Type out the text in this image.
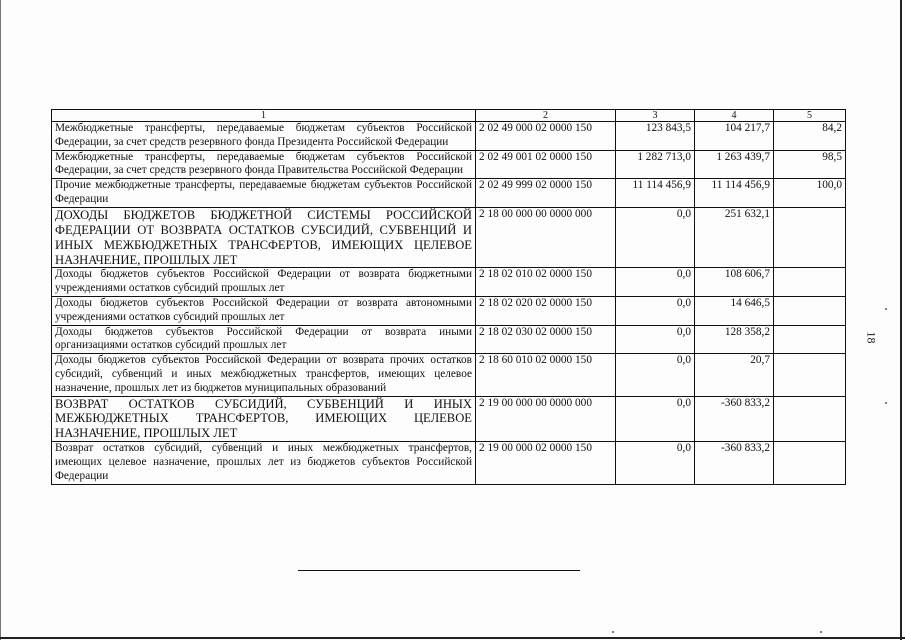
1	2	3	4	5
Межбюджетные трансферты, передаваемые бюджетам субъектов Российской Федерации, за счет средств резервного фонда Президента Российской Федерации	2 02 49 000 02 0000 150	123 843,5	104 217,7	84,2
Межбюджетные трансферты, передаваемые бюджетам субъектов Российской Федерации, за счет средств резервного фонда Правительства Российской Федерации	2 02 49 001 02 0000 150	1 282 713,0	1 263 439,7	98,5
Прочие межбюджетные трансферты, передаваемые бюджетам субъектов Российской Федерации	2 02 49 999 02 0000 150	11 114 456,9	11 114 456,9	100,0
ДОХОДЫ БЮДЖЕТОВ БЮДЖЕТНОЙ СИСТЕМЫ РОССИЙСКОЙ ФЕДЕРАЦИИ ОТ ВОЗВРАТА ОСТАТКОВ СУБСИДИЙ, СУБВЕНЦИЙ И ИНЫХ МЕЖБЮДЖЕТНЫХ ТРАНСФЕРТОВ, ИМЕЮЩИХ ЦЕЛЕВОЕ НАЗНАЧЕНИЕ, ПРОШЛЫХ ЛЕТ	2 18 00 000 00 0000 000	0,0	251 632,1	
Доходы бюджетов субъектов Российской Федерации от возврата бюджетными учреждениями остатков субсидий прошлых лет	2 18 02 010 02 0000 150	0,0	108 606,7	
Доходы бюджетов субъектов Российской Федерации от возврата автономными учреждениями остатков субсидий прошлых лет	2 18 02 020 02 0000 150	0,0	14 646,5	
Доходы бюджетов субъектов Российской Федерации от возврата иными организациями остатков субсидий прошлых лет	2 18 02 030 02 0000 150	0,0	128 358,2	
Доходы бюджетов субъектов Российской Федерации от возврата прочих остатков субсидий, субвенций и иных межбюджетных трансфертов, имеющих целевое назначение, прошлых лет из бюджетов муниципальных образований	2 18 60 010 02 0000 150	0,0	20,7	
ВОЗВРАТ ОСТАТКОВ СУБСИДИЙ, СУБВЕНЦИЙ И ИНЫХ МЕЖБЮДЖЕТНЫХ ТРАНСФЕРТОВ, ИМЕЮЩИХ ЦЕЛЕВОЕ НАЗНАЧЕНИЕ, ПРОШЛЫХ ЛЕТ	2 19 00 000 00 0000 000	0,0	-360 833,2	
Возврат остатков субсидий, субвенций и иных межбюджетных трансфертов, имеющих целевое назначение, прошлых лет из бюджетов субъектов Российской Федерации	2 19 00 000 02 0000 150	0,0	-360 833,2	
18
